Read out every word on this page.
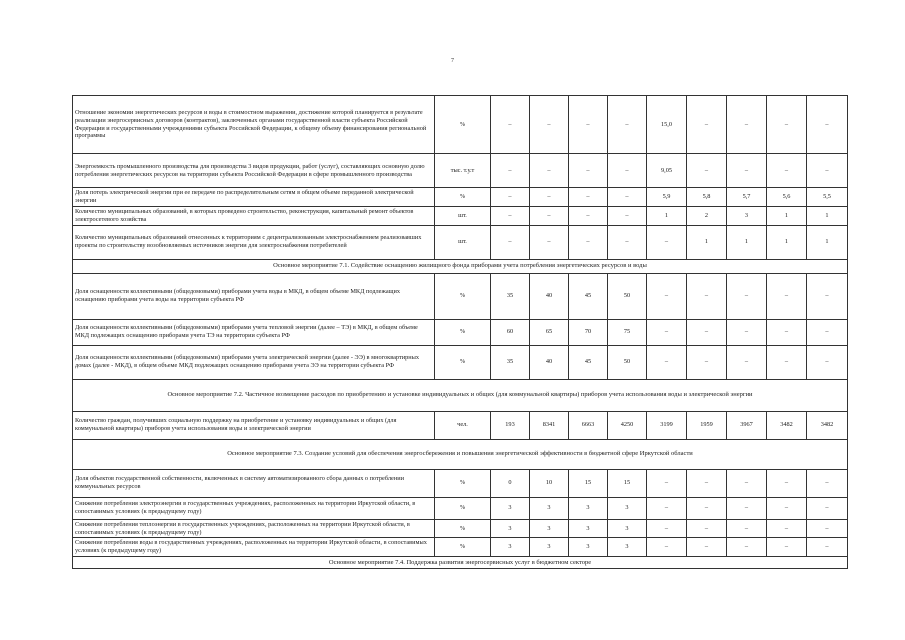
7
Отношение экономии энергетических ресурсов и воды в стоимостном выражении, достижение которой планируется в результате реализации энергосервисных договоров (контрактов), заключенных органами государственной власти субъекта Российской Федерации и государственными учреждениями субъекта Российской Федерации, к общему объему финансирования региональной программы	%	–	–	–	–	15,0	–	–	–	–
Энергоемкость промышленного производства для производства 3 видов продукции, работ (услуг), составляющих основную долю потребления энергетических ресурсов на территории субъекта Российской Федерации в сфере промышленного производства	тыс. т.у.т	–	–	–	–	9,05	–	–	–	–
Доля потерь электрической энергии при ее передаче по распределительным сетям в общем объеме переданной электрической энергии	%	–	–	–	–	5,9	5,8	5,7	5,6	5,5
Количество муниципальных образований, в которых проведено строительство, реконструкция, капитальный ремонт объектов электросетевого хозяйства	шт.	–	–	–	–	1	2	3	1	1
Количество муниципальных образований отнесенных к территориям с децентрализованным электроснабжением реализовавших проекты по строительству возобновляемых источников энергии для электроснабжения потребителей	шт.	–	–	–	–	–	1	1	1	1
Основное мероприятие 7.1. Содействие оснащению жилищного фонда приборами учета потребления энергетических ресурсов и воды										
Доля оснащенности коллективными (общедомовыми) приборами учета воды в МКД, в общем объеме МКД подлежащих оснащению приборами учета воды на территории субъекта РФ	%	35	40	45	50	–	–	–	–	–
Доля оснащенности коллективными (общедомовыми) приборами учета тепловой энергии (далее – ТЭ) в МКД, в общем объеме МКД подлежащих оснащению приборами учета ТЭ на территории субъекта РФ	%	60	65	70	75	–	–	–	–	–
Доля оснащенности коллективными (общедомовыми) приборами учета электрической энергии (далее - ЭЭ) в многоквартирных домах (далее - МКД), в общем объеме МКД подлежащих оснащению приборами учета ЭЭ на территории субъекта РФ	%	35	40	45	50	–	–	–	–	–
Основное мероприятие 7.2. Частичное возмещение расходов по приобретению и установке индивидуальных и общих (для коммунальной квартиры) приборов учета использования воды и электрической энергии										
Количество граждан, получивших социальную поддержку на приобретение и установку индивидуальных и общих (для коммунальной квартиры) приборов учета использования воды и электрической энергии	чел.	193	8341	6663	4250	3199	1959	3967	3482	3482
Основное мероприятие 7.3. Создание условий для обеспечения энергосбережения и повышения энергетической эффективности в бюджетной сфере Иркутской области										
Доля объектов государственной собственности, включенных в систему автоматизированного сбора данных о потреблении коммунальных ресурсов	%	0	10	15	15	–	–	–	–	–
Снижение потребления электроэнергии в государственных учреждениях, расположенных на территории Иркутской области, в сопоставимых условиях (к предыдущему году)	%	3	3	3	3	–	–	–	–	–
Снижение потребления теплоэнергии в государственных учреждениях, расположенных на территории Иркутской области, в сопоставимых условиях (к предыдущему году)	%	3	3	3	3	–	–	–	–	–
Снижение потребления воды в государственных учреждениях, расположенных на территории Иркутской области, в сопоставимых условиях (к предыдущему году)	%	3	3	3	3	–	–	–	–	–
Основное мероприятие 7.4. Поддержка развития энергосервисных услуг в бюджетном секторе										
